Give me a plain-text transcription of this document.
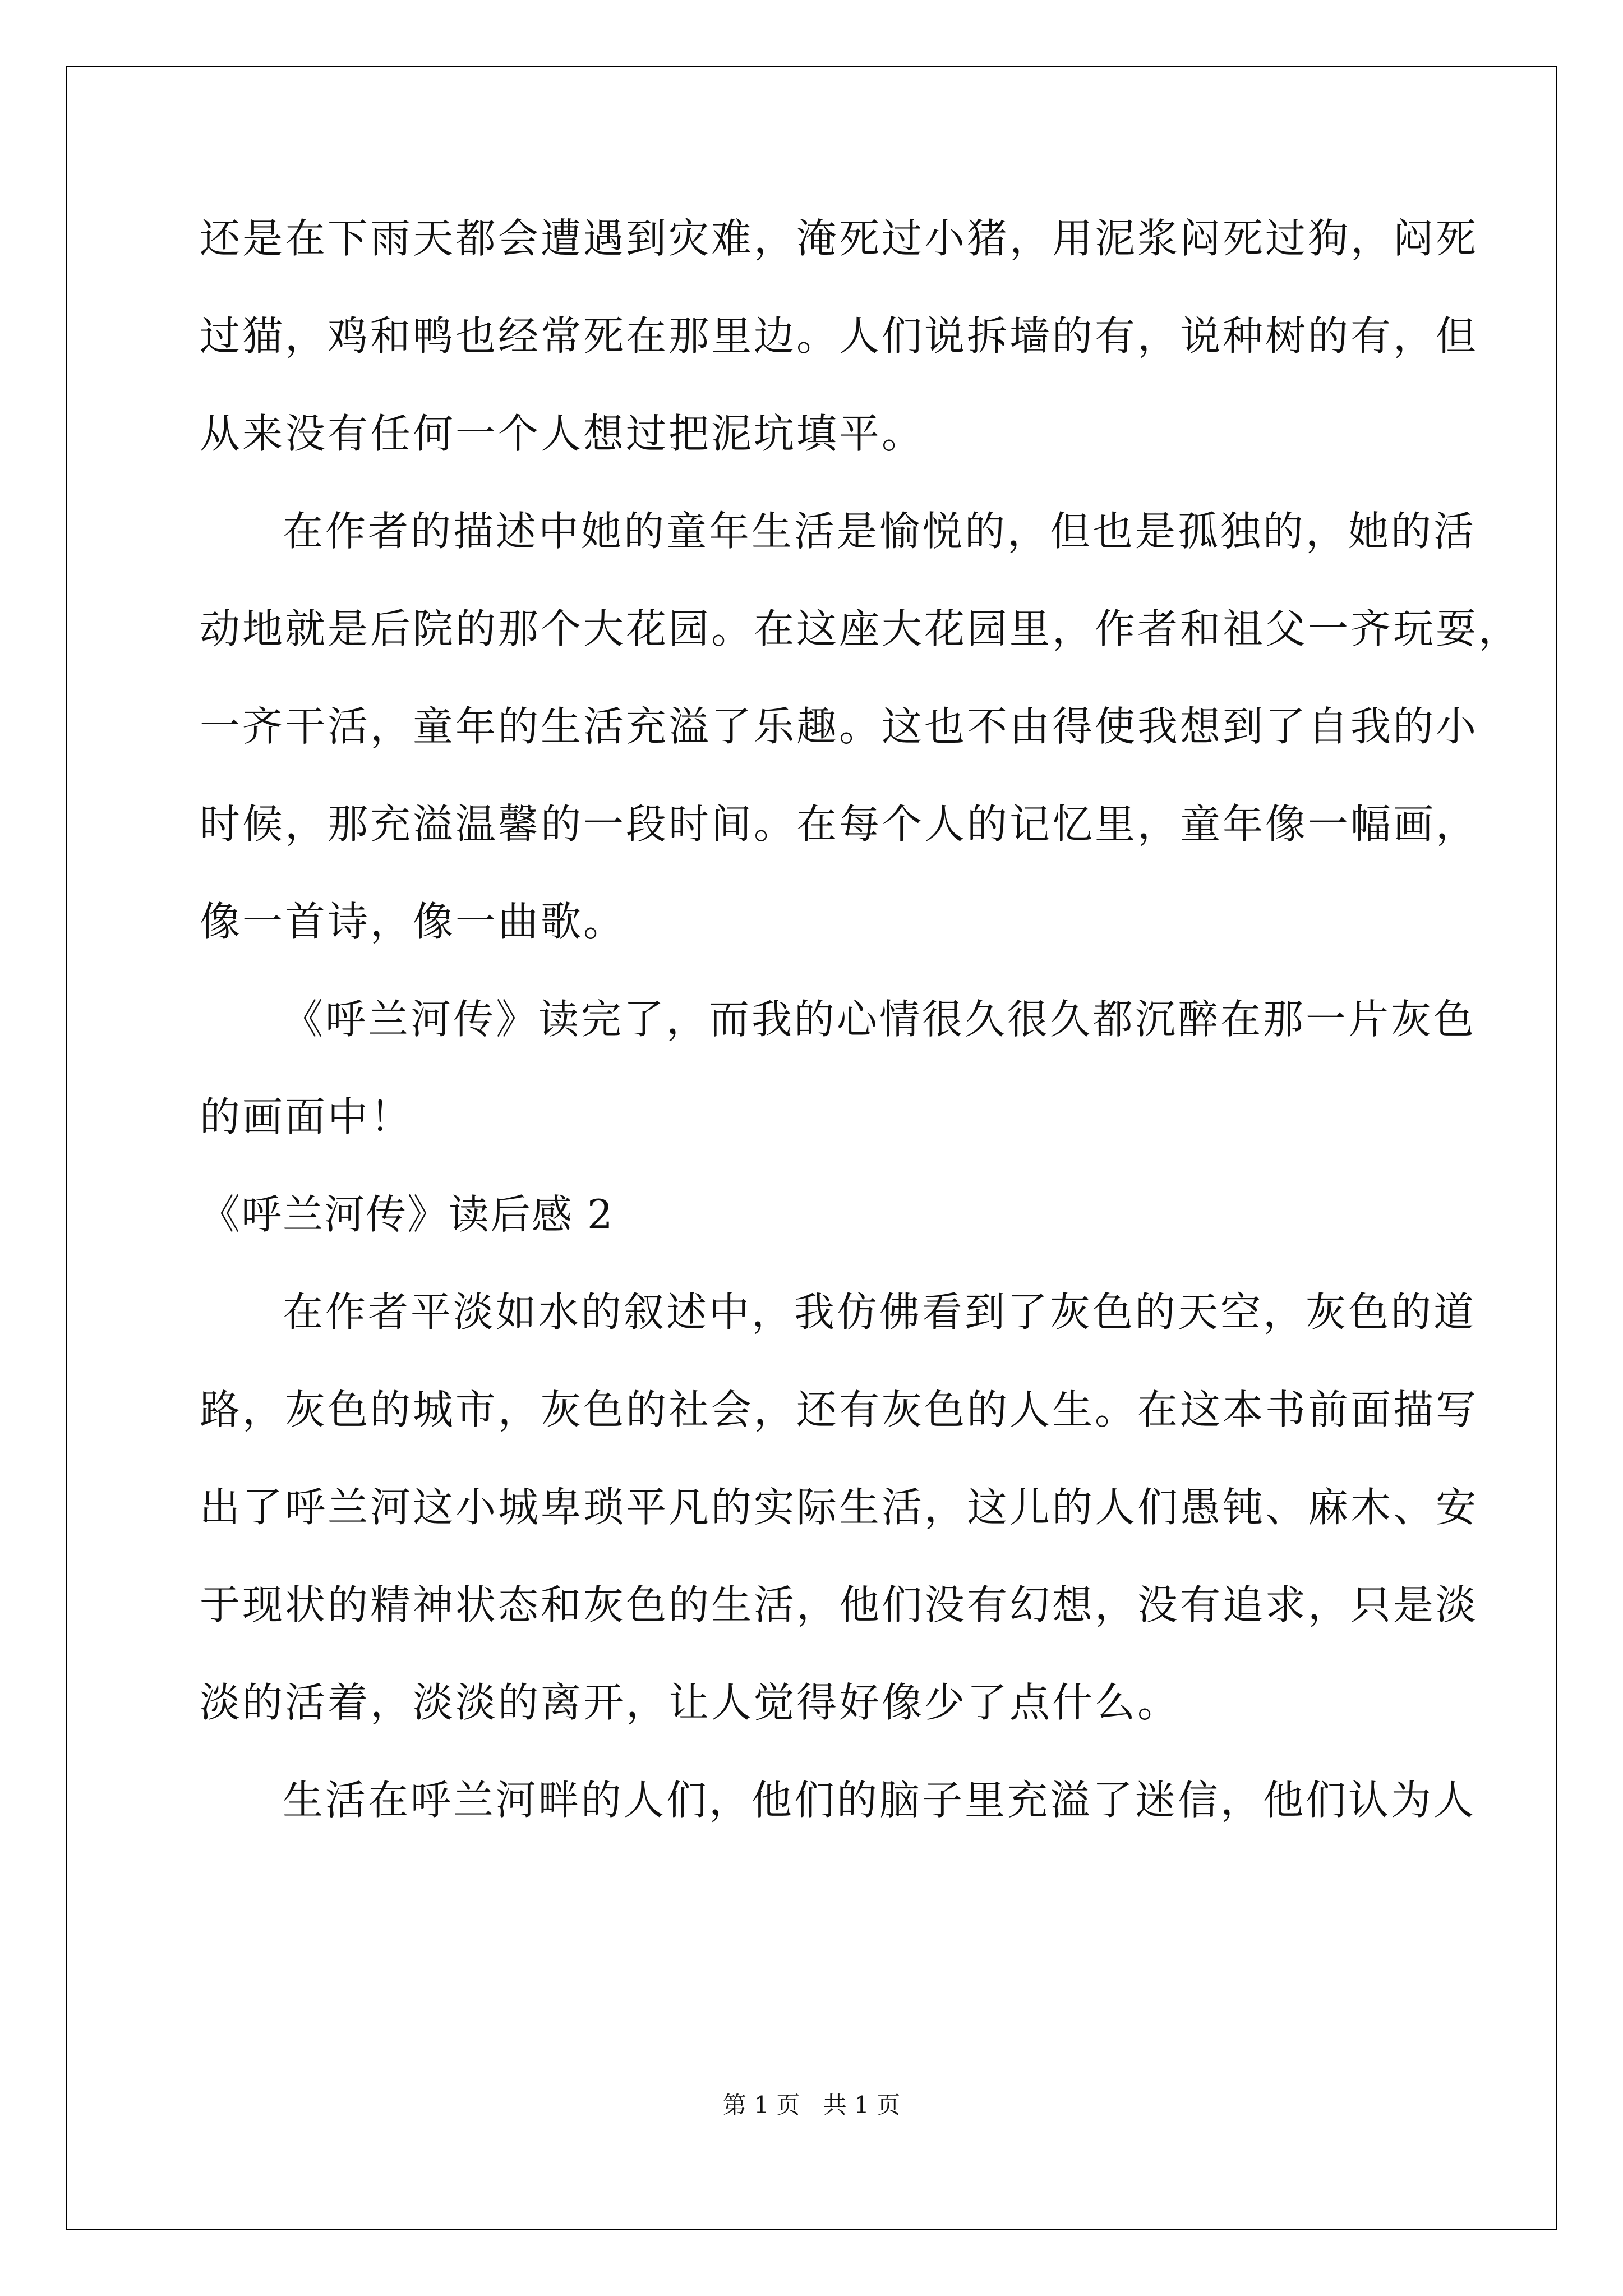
还是在下雨天都会遭遇到灾难，淹死过小猪，用泥浆闷死过狗，闷死
过猫，鸡和鸭也经常死在那里边。人们说拆墙的有，说种树的有，但
从来没有任何一个人想过把泥坑填平。
在作者的描述中她的童年生活是愉悦的，但也是孤独的，她的活
动地就是后院的那个大花园。在这座大花园里，作者和祖父一齐玩耍，
一齐干活，童年的生活充溢了乐趣。这也不由得使我想到了自我的小
时候，那充溢温馨的一段时间。在每个人的记忆里，童年像一幅画，
像一首诗，像一曲歌。
《呼兰河传》读完了，而我的心情很久很久都沉醉在那一片灰色
的画面中！
《呼兰河传》读后感 2
在作者平淡如水的叙述中，我仿佛看到了灰色的天空，灰色的道
路，灰色的城市，灰色的社会，还有灰色的人生。在这本书前面描写
出了呼兰河这小城卑琐平凡的实际生活，这儿的人们愚钝、麻木、安
于现状的精神状态和灰色的生活，他们没有幻想，没有追求，只是淡
淡的活着，淡淡的离开，让人觉得好像少了点什么。
生活在呼兰河畔的人们，他们的脑子里充溢了迷信，他们认为人
第 1 页 共 1 页
